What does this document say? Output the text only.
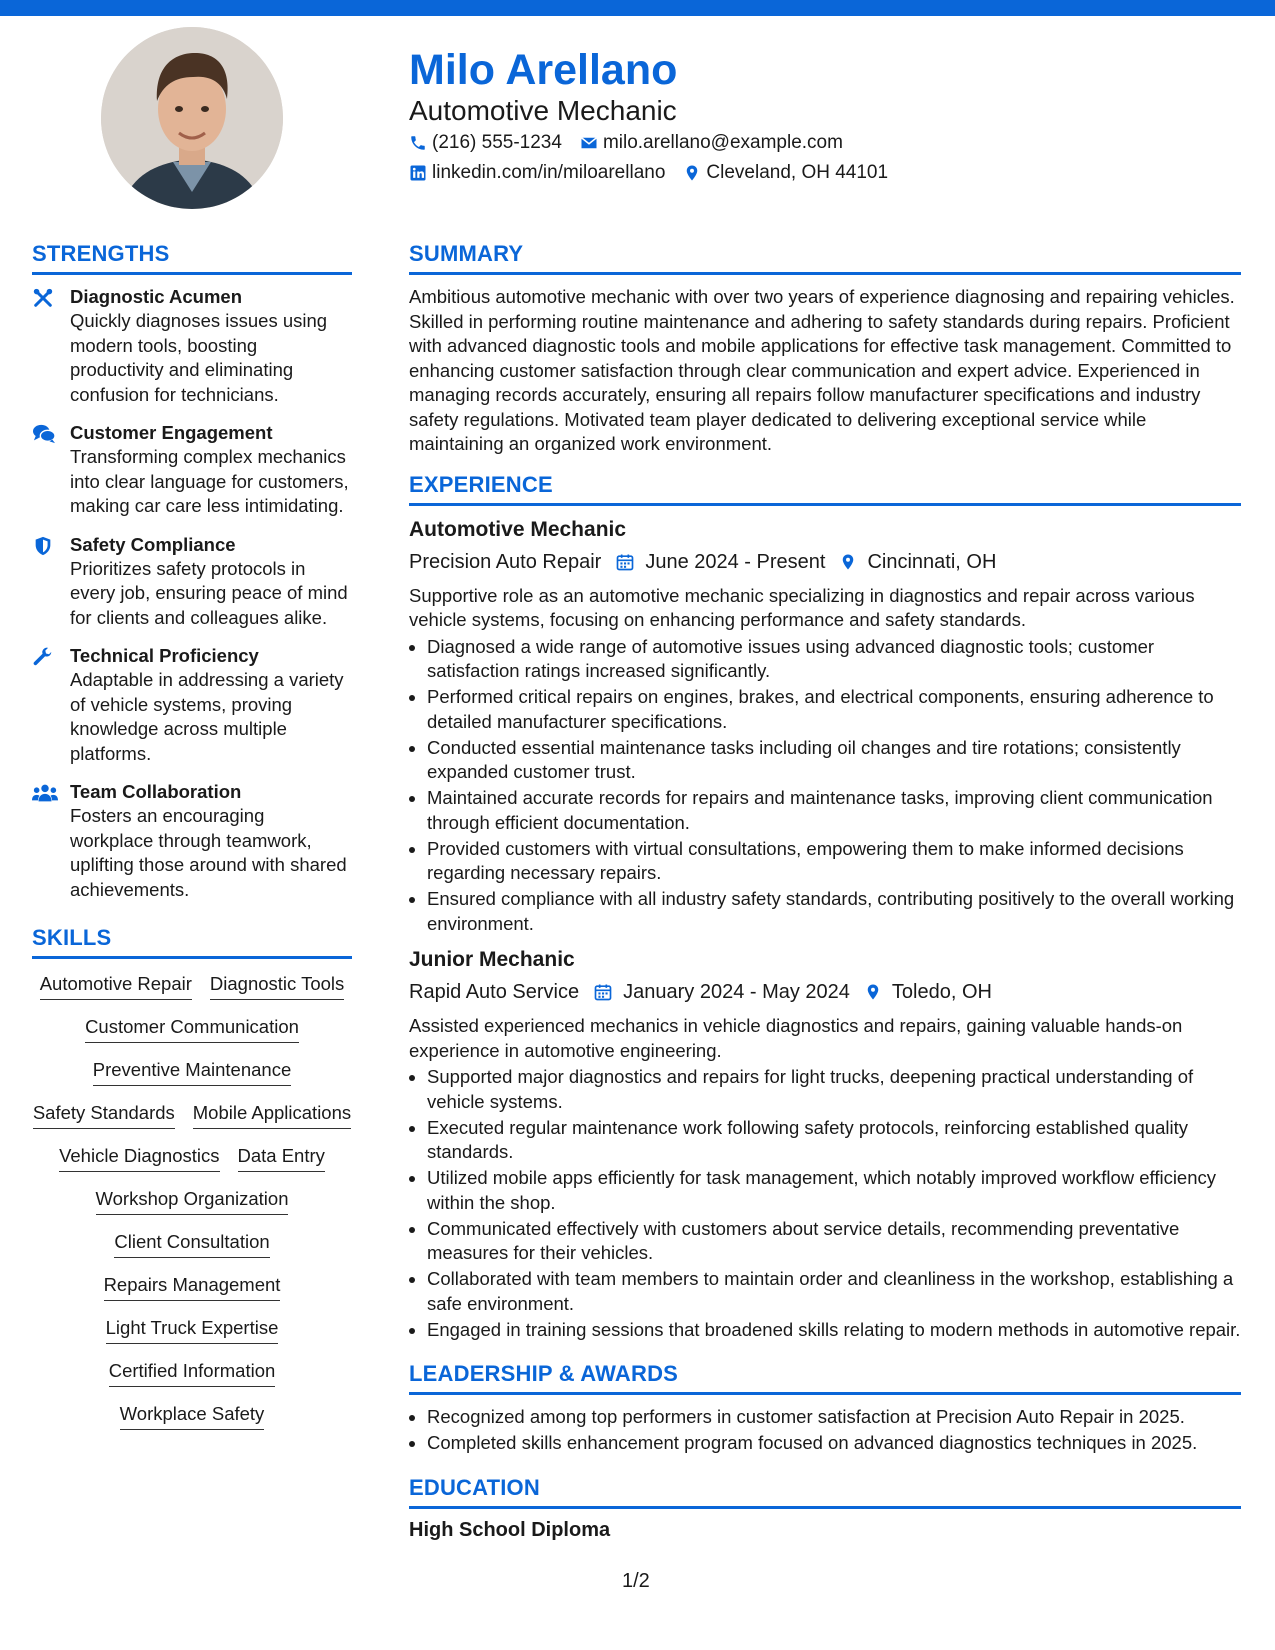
Milo Arellano
Automotive Mechanic
(216) 555-1234 milo.arellano@example.com
linkedin.com/in/miloarellano Cleveland, OH 44101
STRENGTHS
Diagnostic Acumen
Quickly diagnoses issues using modern tools, boosting productivity and eliminating confusion for technicians.
Customer Engagement
Transforming complex mechanics into clear language for customers, making car care less intimidating.
Safety Compliance
Prioritizes safety protocols in every job, ensuring peace of mind for clients and colleagues alike.
Technical Proficiency
Adaptable in addressing a variety of vehicle systems, proving knowledge across multiple platforms.
Team Collaboration
Fosters an encouraging workplace through teamwork, uplifting those around with shared achievements.
SKILLS
Automotive Repair Diagnostic Tools
Customer Communication
Preventive Maintenance
Safety Standards Mobile Applications
Vehicle Diagnostics Data Entry
Workshop Organization
Client Consultation
Repairs Management
Light Truck Expertise
Certified Information
Workplace Safety
SUMMARY

Ambitious automotive mechanic with over two years of experience diagnosing and repairing vehicles. Skilled in performing routine maintenance and adhering to safety standards during repairs. Proficient with advanced diagnostic tools and mobile applications for effective task management. Committed to enhancing customer satisfaction through clear communication and expert advice. Experienced in managing records accurately, ensuring all repairs follow manufacturer specifications and industry safety regulations. Motivated team player dedicated to delivering exceptional service while maintaining an organized work environment.

EXPERIENCE
Automotive Mechanic
Precision Auto Repair June 2024 - Present Cincinnati, OH

Supportive role as an automotive mechanic specializing in diagnostics and repair across various vehicle systems, focusing on enhancing performance and safety standards.

• Diagnosed a wide range of automotive issues using advanced diagnostic tools; customer satisfaction ratings increased significantly.
• Performed critical repairs on engines, brakes, and electrical components, ensuring adherence to detailed manufacturer specifications.
• Conducted essential maintenance tasks including oil changes and tire rotations; consistently expanded customer trust.
• Maintained accurate records for repairs and maintenance tasks, improving client communication through efficient documentation.
• Provided customers with virtual consultations, empowering them to make informed decisions regarding necessary repairs.
• Ensured compliance with all industry safety standards, contributing positively to the overall working environment.
Junior Mechanic
Rapid Auto Service January 2024 - May 2024 Toledo, OH

Assisted experienced mechanics in vehicle diagnostics and repairs, gaining valuable hands-on experience in automotive engineering.

• Supported major diagnostics and repairs for light trucks, deepening practical understanding of vehicle systems.
• Executed regular maintenance work following safety protocols, reinforcing established quality standards.
• Utilized mobile apps efficiently for task management, which notably improved workflow efficiency within the shop.
• Communicated effectively with customers about service details, recommending preventative measures for their vehicles.
• Collaborated with team members to maintain order and cleanliness in the workshop, establishing a safe environment.
• Engaged in training sessions that broadened skills relating to modern methods in automotive repair.
LEADERSHIP & AWARDS
• Recognized among top performers in customer satisfaction at Precision Auto Repair in 2025.
• Completed skills enhancement program focused on advanced diagnostics techniques in 2025.
EDUCATION
High School Diploma
1/2
